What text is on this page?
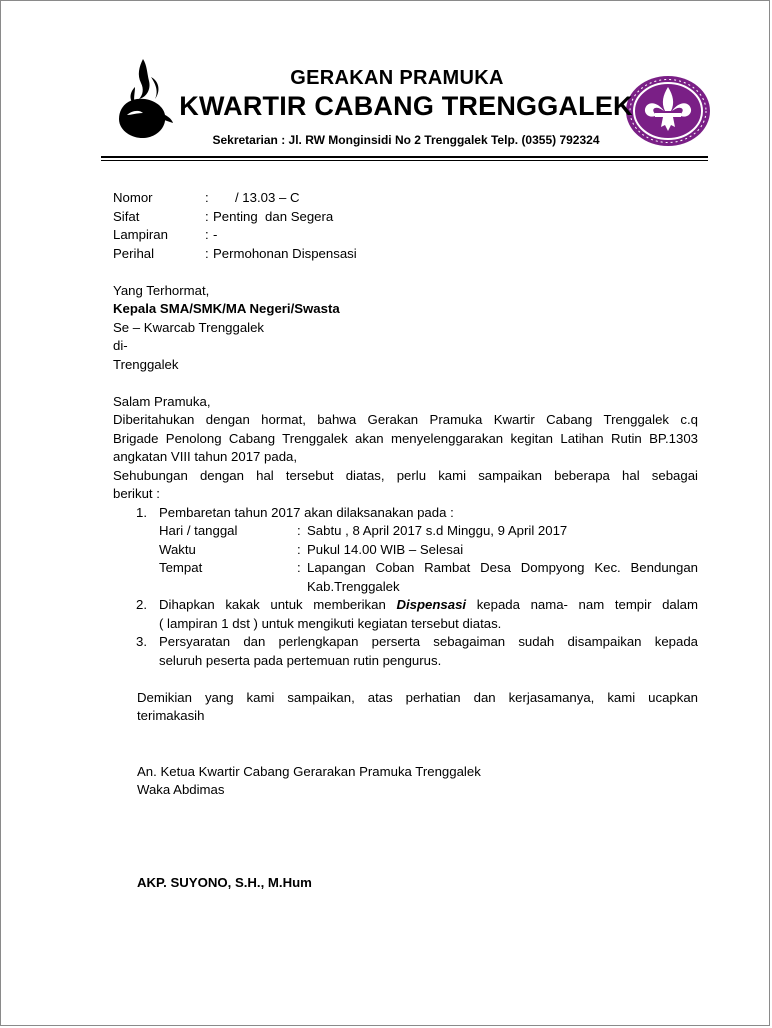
GERAKAN PRAMUKA
KWARTIR CABANG TRENGGALEK
Sekretarian : Jl. RW Monginsidi No 2 Trenggalek Telp. (0355) 792324
Nomor	: / 13.03 – C
Sifat	: Penting  dan Segera
Lampiran	: -
Perihal	: Permohonan Dispensasi
Yang Terhormat,
Kepala SMA/SMK/MA Negeri/Swasta
Se – Kwarcab Trenggalek
di-
Trenggalek
Salam Pramuka,
Diberitahukan dengan hormat, bahwa Gerakan Pramuka Kwartir Cabang Trenggalek c.q
Brigade Penolong Cabang Trenggalek akan menyelenggarakan kegitan Latihan Rutin BP.1303
angkatan VIII tahun 2017 pada,
Sehubungan dengan hal tersebut diatas, perlu kami sampaikan beberapa hal sebagai
berikut :
1. Pembaretan tahun 2017 akan dilaksanakan pada :
Hari / tanggal	: Sabtu , 8 April 2017 s.d Minggu, 9 April 2017
Waktu	: Pukul 14.00 WIB – Selesai
Tempat	: Lapangan Coban Rambat Desa Dompyong Kec. Bendungan
Kab.Trenggalek
2. Dihapkan kakak untuk memberikan Dispensasi kepada nama- nam tempir dalam
( lampiran 1 dst ) untuk mengikuti kegiatan tersebut diatas.
3. Persyaratan dan perlengkapan perserta sebagaiman sudah disampaikan kepada
seluruh peserta pada pertemuan rutin pengurus.
Demikian yang kami sampaikan, atas perhatian dan kerjasamanya, kami ucapkan
terimakasih
An. Ketua Kwartir Cabang Gerarakan Pramuka Trenggalek
Waka Abdimas
AKP. SUYONO, S.H., M.Hum
